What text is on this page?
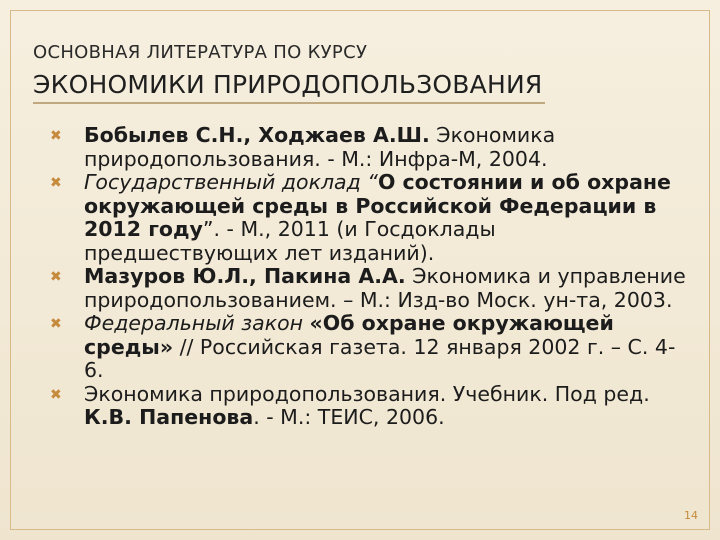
ОСНОВНАЯ ЛИТЕРАТУРА ПО КУРСУ
ЭКОНОМИКИ ПРИРОДОПОЛЬЗОВАНИЯ
✖ Бобылев С.Н., Ходжаев А.Ш. Экономика природопользования. - М.: Инфра-М, 2004.
✖ Государственный доклад “О состоянии и об охране окружающей среды в Российской Федерации в 2012 году”. - М., 2011 (и Госдоклады предшествующих лет изданий).
✖ Мазуров Ю.Л., Пакина А.А. Экономика и управление природопользованием. – М.: Изд-во Моск. ун-та, 2003.
✖ Федеральный закон «Об охране окружающей среды» // Российская газета. 12 января 2002 г. – С. 4-6.
✖ Экономика природопользования. Учебник. Под ред. К.В. Папенова. - М.: ТЕИС, 2006.
14
